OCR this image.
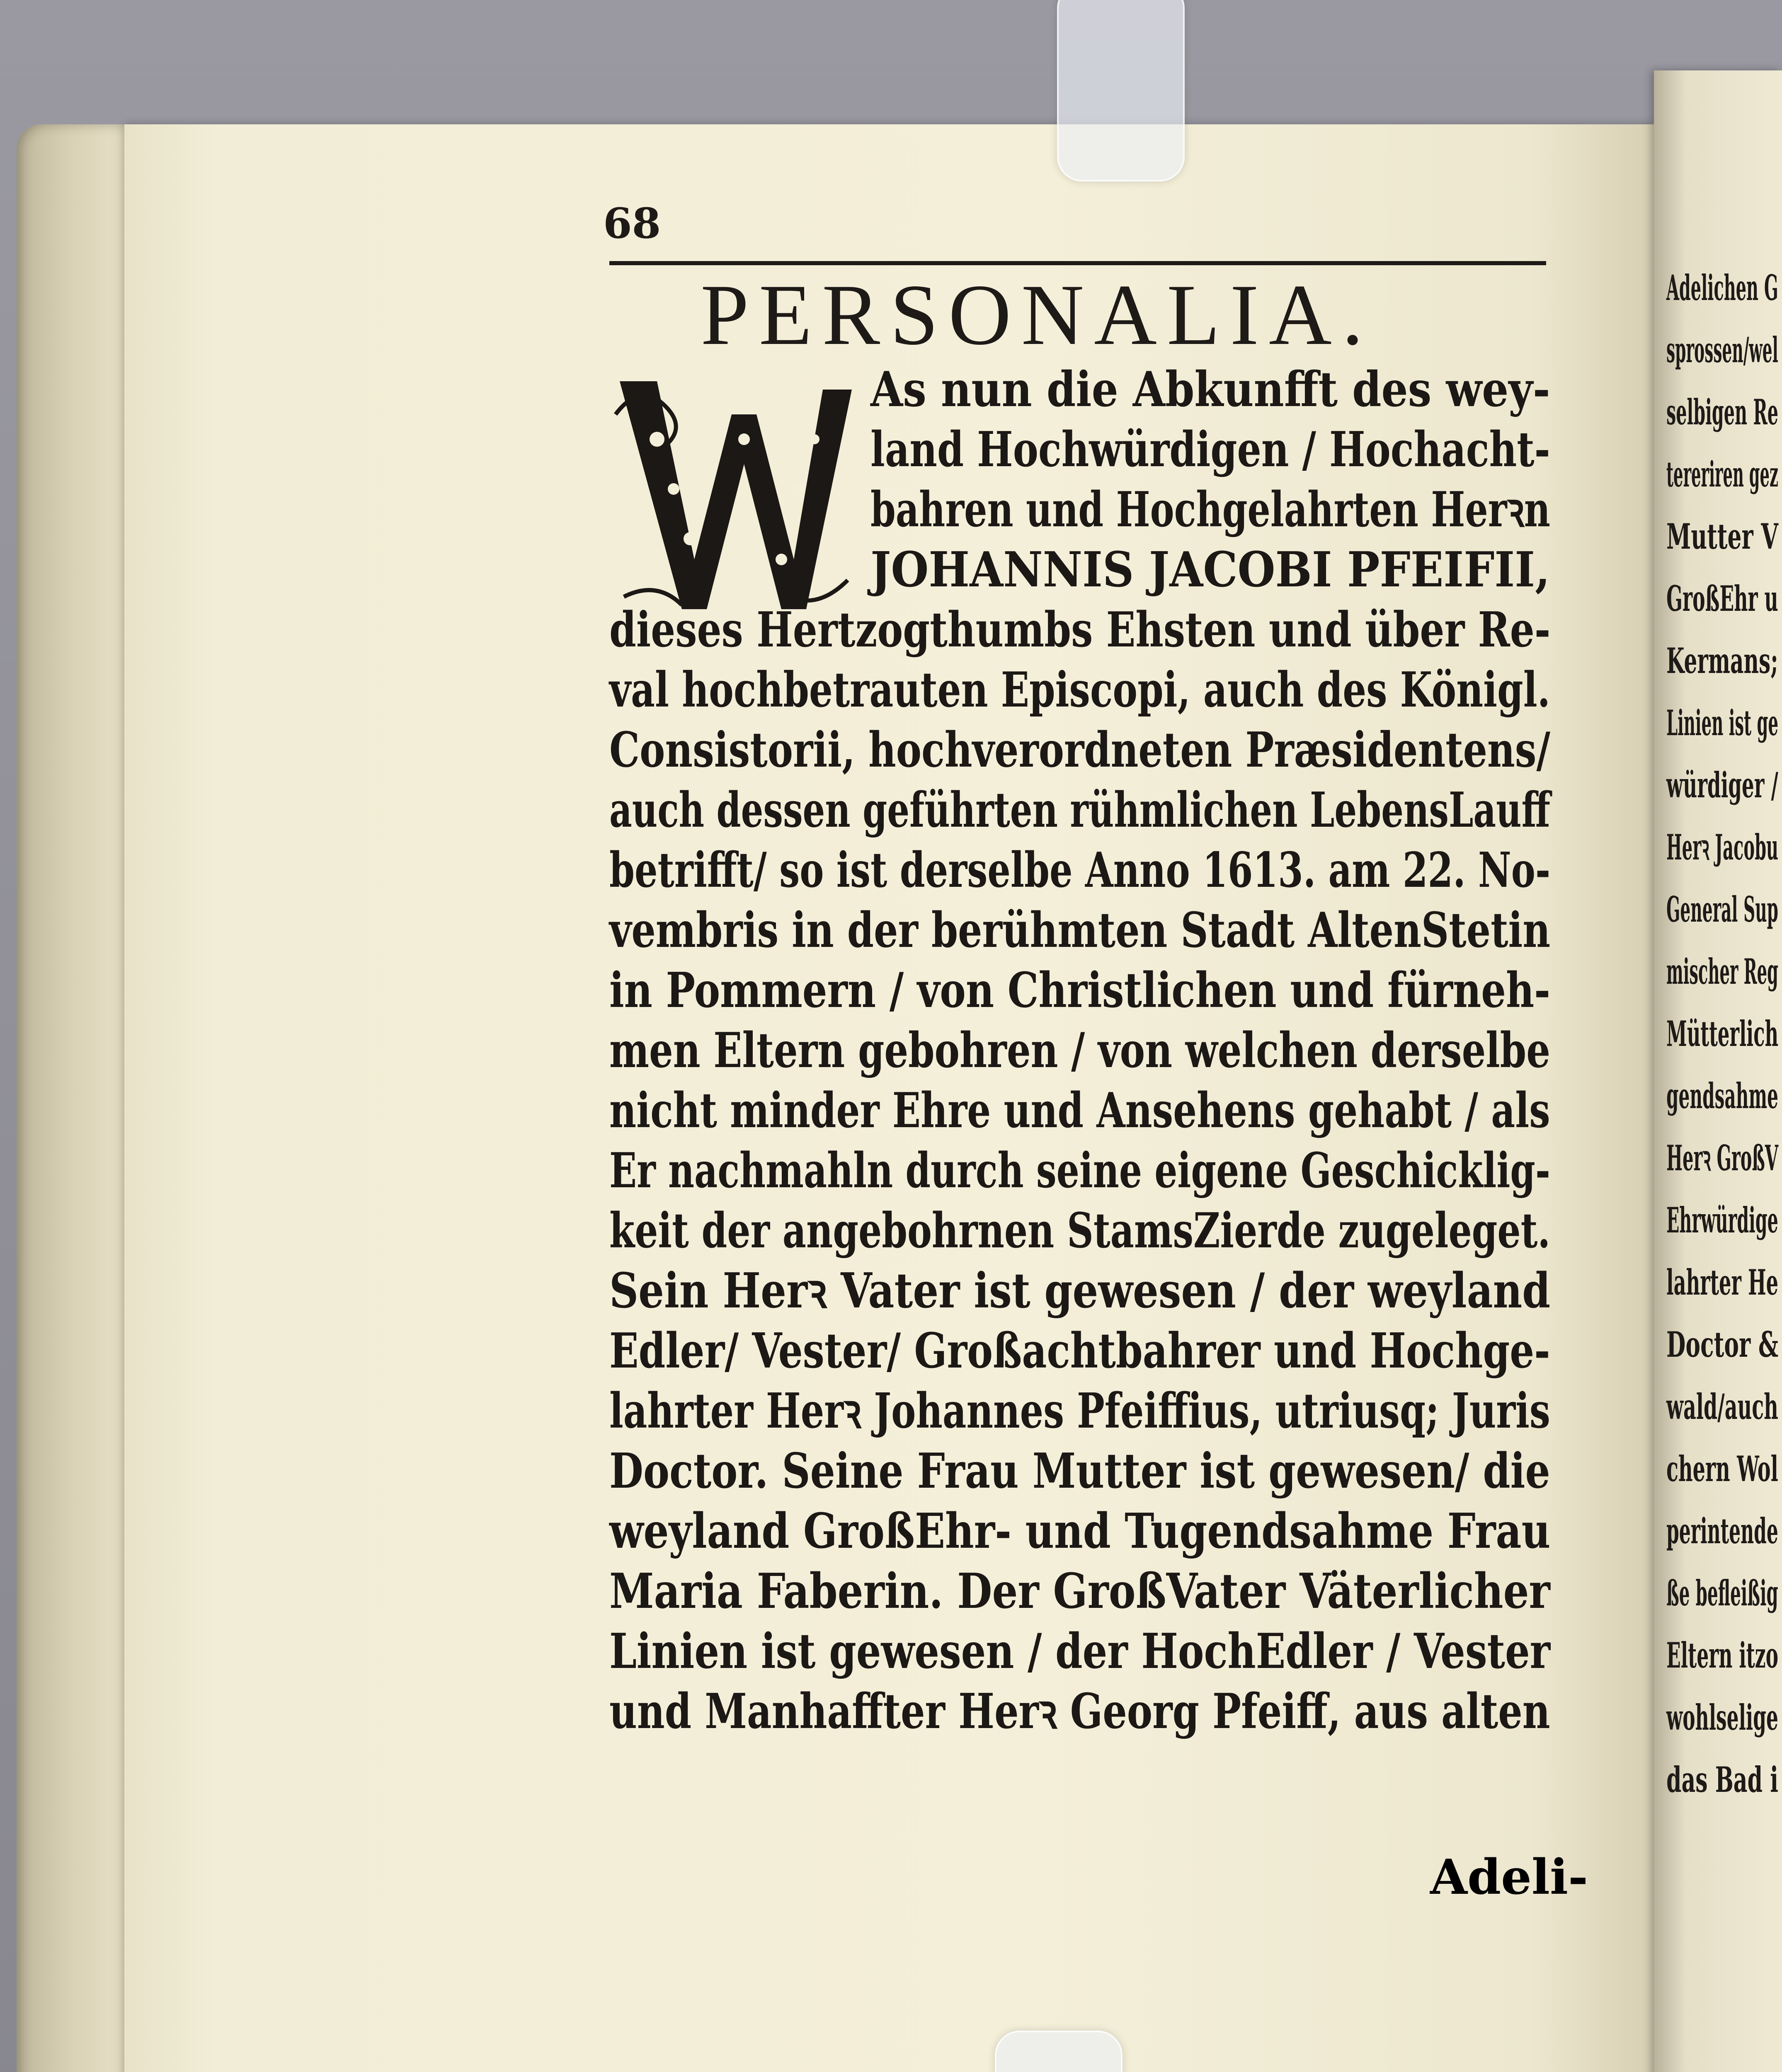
68
PERSONALIA.
As nun die Abkunfft des wey-
land Hochwürdigen / Hochacht-
bahren und Hochgelahrten Herꝛn
JOHANNIS JACOBI PFEIFII,
dieses Hertzogthumbs Ehsten und über Re-
val hochbetrauten Episcopi, auch des Königl.
Consistorii, hochverordneten Præsidentens/
auch dessen geführten rühmlichen LebensLauff
betrifft/ so ist derselbe Anno 1613. am 22. No-
vembris in der berühmten Stadt AltenStetin
in Pommern / von Christlichen und fürneh-
men Eltern gebohren / von welchen derselbe
nicht minder Ehre und Ansehens gehabt / als
Er nachmahln durch seine eigene Geschicklig-
keit der angebohrnen StamsZierde zugeleget.
Sein Herꝛ Vater ist gewesen / der weyland
Edler/ Vester/ Großachtbahrer und Hochge-
lahrter Herꝛ Johannes Pfeiffius, utriusq; Juris
Doctor. Seine Frau Mutter ist gewesen/ die
weyland GroßEhr- und Tugendsahme Frau
Maria Faberin. Der GroßVater Väterlicher
Linien ist gewesen / der HochEdler / Vester
und Manhaffter Herꝛ Georg Pfeiff, aus alten
Adeli-
Adelichen G
sprossen/wel
selbigen Re
tereriren gez
Mutter V
GroßEhr u
Kermans;
Linien ist ge
würdiger /
Herꝛ Jacobu
General Sup
mischer Reg
Mütterlich
gendsahme
Herꝛ GroßV
Ehrwürdige
lahrter He
Doctor &
wald/auch
chern Wol
perintende
ße befleißig
Eltern itzo
wohlselige
das Bad i
